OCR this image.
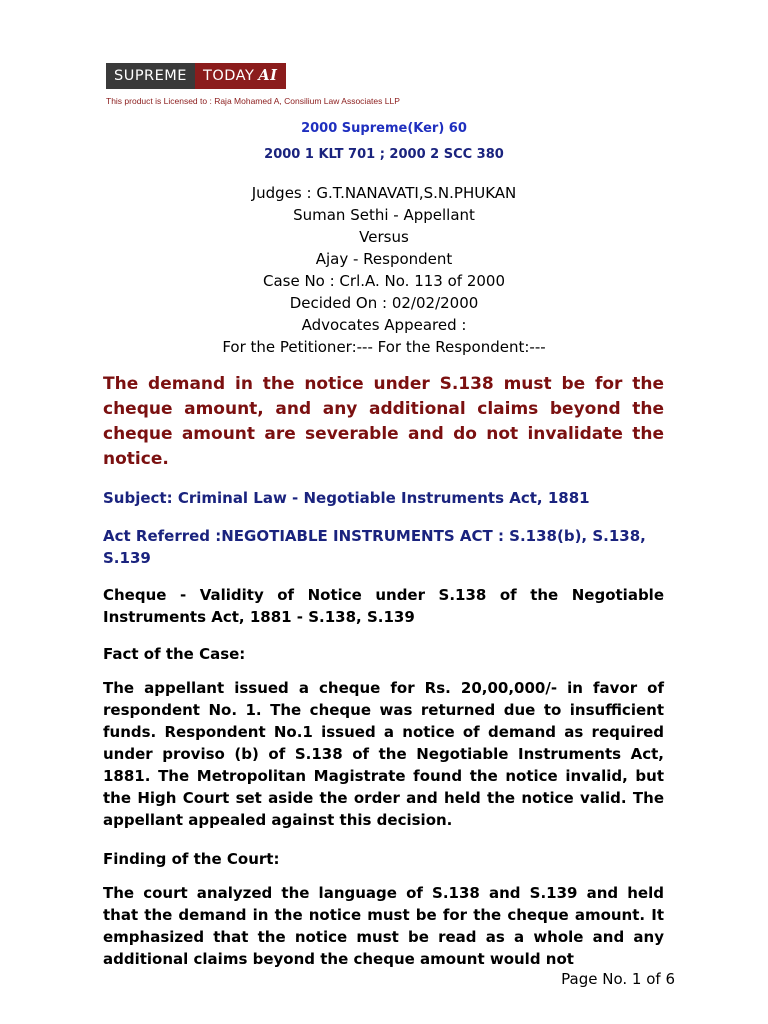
SUPREME	TODAY AI
This product is Licensed to : Raja Mohamed A, Consilium Law Associates LLP
2000 Supreme(Ker) 60
2000 1 KLT 701 ; 2000 2 SCC 380
Judges : G.T.NANAVATI,S.N.PHUKAN
Suman Sethi - Appellant
Versus
Ajay - Respondent
Case No : Crl.A. No. 113 of 2000
Decided On : 02/02/2000
Advocates Appeared :
For the Petitioner:--- For the Respondent:---

The demand in the notice under S.138 must be for the cheque amount, and any additional claims beyond the cheque amount are severable and do not invalidate the notice.

Subject: Criminal Law - Negotiable Instruments Act, 1881

Act Referred :NEGOTIABLE INSTRUMENTS ACT : S.138(b), S.138, S.139

Cheque - Validity of Notice under S.138 of the Negotiable Instruments Act, 1881 - S.138, S.139

Fact of the Case:

The appellant issued a cheque for Rs. 20,00,000/- in favor of respondent No. 1. The cheque was returned due to insufficient funds. Respondent No.1 issued a notice of demand as required under proviso (b) of S.138 of the Negotiable Instruments Act, 1881. The Metropolitan Magistrate found the notice invalid, but the High Court set aside the order and held the notice valid. The appellant appealed against this decision.

Finding of the Court:

The court analyzed the language of S.138 and S.139 and held that the demand in the notice must be for the cheque amount. It emphasized that the notice must be read as a whole and any additional claims beyond the cheque amount would not

Page No. 1 of 6
